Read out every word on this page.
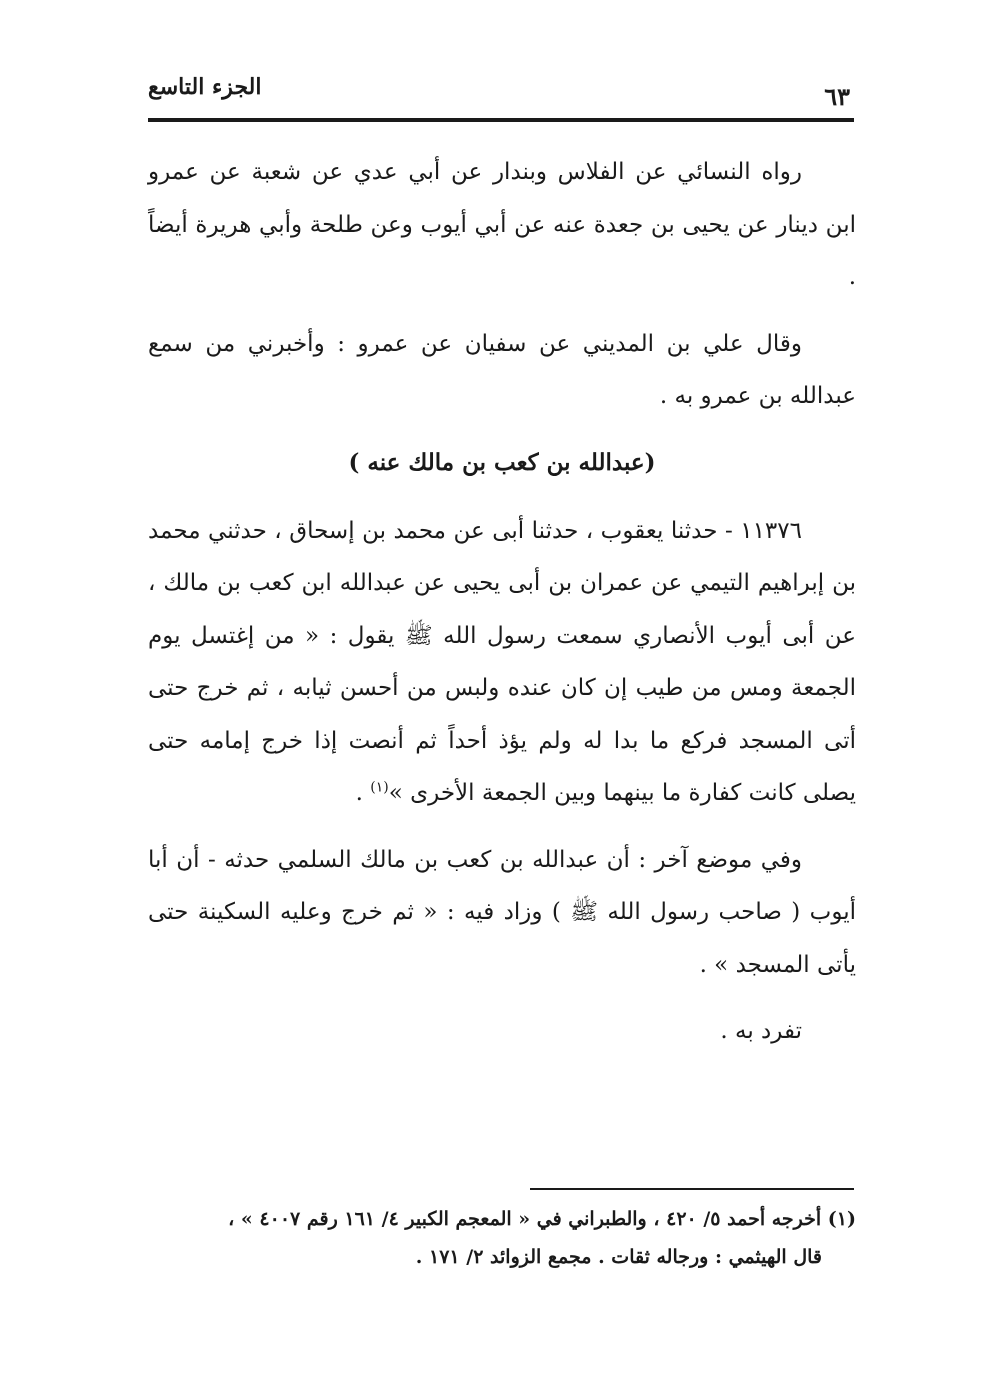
الجزء التاسع	٦٣

رواه النسائي عن الفلاس وبندار عن أبي عدي عن شعبة عن عمرو ابن دينار عن يحيى بن جعدة عنه عن أبي أيوب وعن طلحة وأبي هريرة أيضاً .

وقال علي بن المديني عن سفيان عن عمرو : وأخبرني من سمع عبدالله بن عمرو به .

(عبدالله بن كعب بن مالك عنه )

١١٣٧٦ - حدثنا يعقوب ، حدثنا أبى عن محمد بن إسحاق ، حدثني محمد بن إبراهيم التيمي عن عمران بن أبى يحيى عن عبدالله ابن كعب بن مالك ، عن أبى أيوب الأنصاري سمعت رسول الله ﷺ يقول : « من إغتسل يوم الجمعة ومس من طيب إن كان عنده ولبس من أحسن ثيابه ، ثم خرج حتى أتى المسجد فركع ما بدا له ولم يؤذ أحداً ثم أنصت إذا خرج إمامه حتى يصلى كانت كفارة ما بينهما وبين الجمعة الأخرى »$^{(١)}$ .

وفي موضع آخر : أن عبدالله بن كعب بن مالك السلمي حدثه - أن أبا أيوب ( صاحب رسول الله ﷺ ) وزاد فيه : « ثم خرج وعليه السكينة حتى يأتى المسجد » .

تفرد به .

(١) أخرجه أحمد ٥/ ٤٢٠ ، والطبراني في « المعجم الكبير ٤/ ١٦١ رقم ٤٠٠٧ » ،

قال الهيثمي : ورجاله ثقات . مجمع الزوائد ٢/ ١٧١ .
